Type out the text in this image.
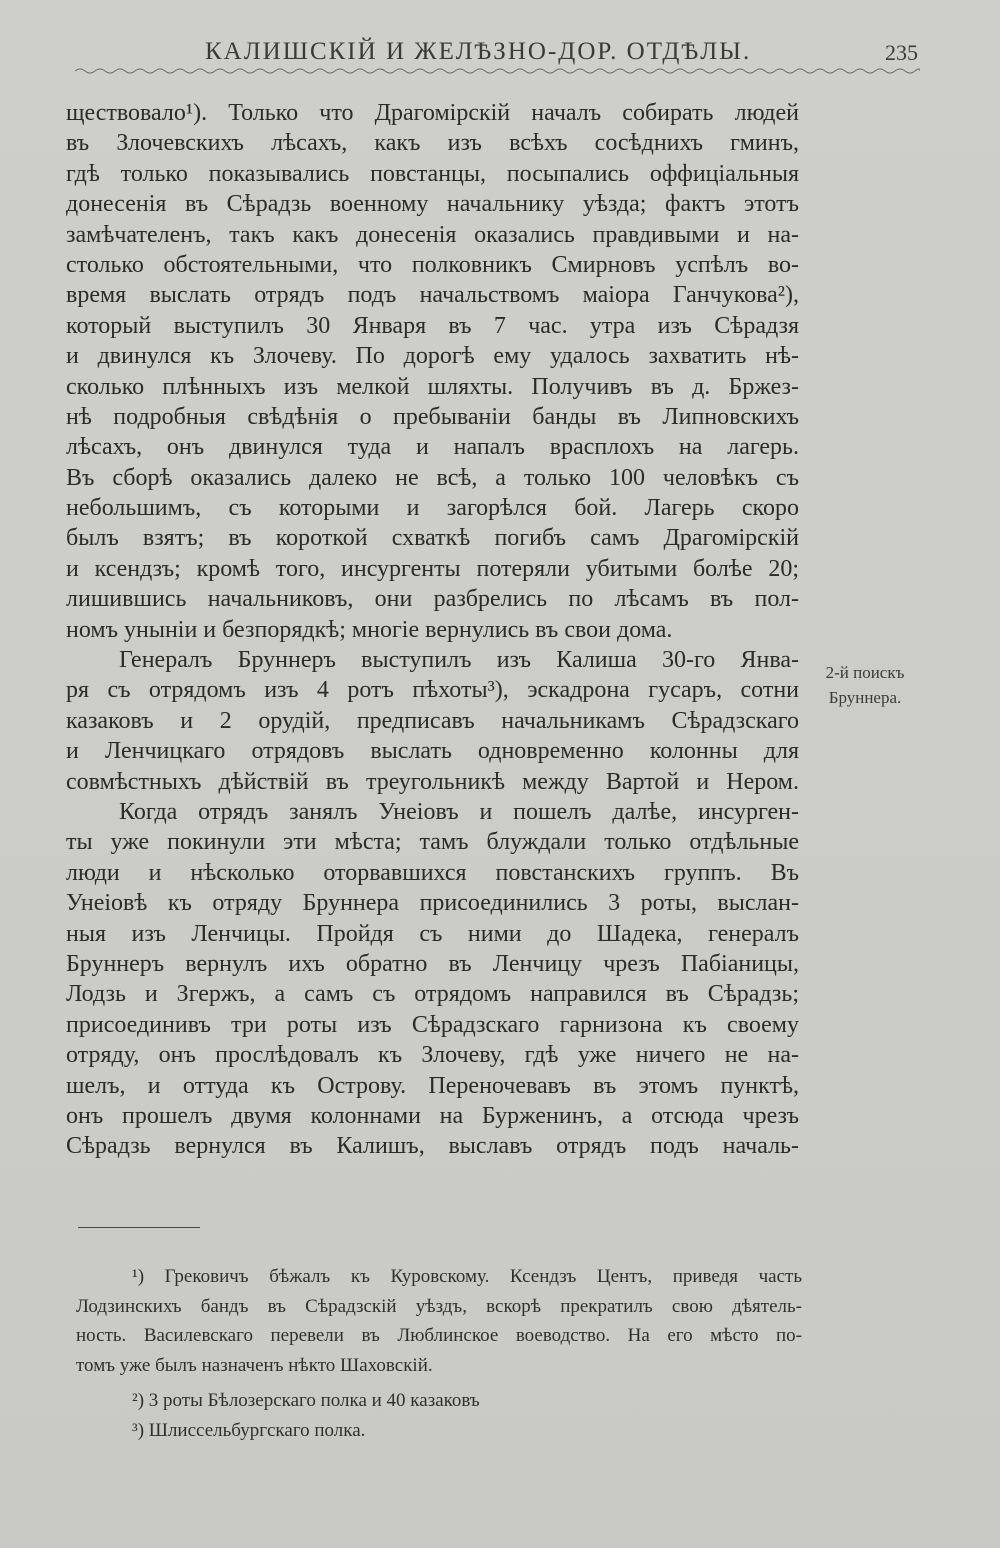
КАЛИШСКІЙ И ЖЕЛѢЗНО-ДОР. ОТДѢЛЫ.	235
ществовало¹). Только что Драгомірскій началъ собирать людей
въ Злочевскихъ лѣсахъ, какъ изъ всѣхъ сосѣднихъ гминъ,
гдѣ только показывались повстанцы, посыпались оффиціальныя
донесенія въ Сѣрадзь военному начальнику уѣзда; фактъ этотъ
замѣчателенъ, такъ какъ донесенія оказались правдивыми и на-
столько обстоятельными, что полковникъ Смирновъ успѣлъ во-
время выслать отрядъ подъ начальствомъ маіора Ганчукова²),
который выступилъ 30 Января въ 7 час. утра изъ Сѣрадзя
и двинулся къ Злочеву. По дорогѣ ему удалось захватить нѣ-
сколько плѣнныхъ изъ мелкой шляхты. Получивъ въ д. Бржез-
нѣ подробныя свѣдѣнія о пребываніи банды въ Липновскихъ
лѣсахъ, онъ двинулся туда и напалъ врасплохъ на лагерь.
Въ сборѣ оказались далеко не всѣ, а только 100 человѣкъ съ
небольшимъ, съ которыми и загорѣлся бой. Лагерь скоро
былъ взятъ; въ короткой схваткѣ погибъ самъ Драгомірскій
и ксендзъ; кромѣ того, инсургенты потеряли убитыми болѣе 20;
лишившись начальниковъ, они разбрелись по лѣсамъ въ пол-
номъ уныніи и безпорядкѣ; многіе вернулись въ свои дома.
Генералъ Бруннеръ выступилъ изъ Калиша 30-го Янва-
ря съ отрядомъ изъ 4 ротъ пѣхоты³), эскадрона гусаръ, сотни
казаковъ и 2 орудій, предписавъ начальникамъ Сѣрадзскаго
и Ленчицкаго отрядовъ выслать одновременно колонны для
совмѣстныхъ дѣйствій въ треугольникѣ между Вартой и Нером.
Когда отрядъ занялъ Унеіовъ и пошелъ далѣе, инсурген-
ты уже покинули эти мѣста; тамъ блуждали только отдѣльные
люди и нѣсколько оторвавшихся повстанскихъ группъ. Въ
Унеіовѣ къ отряду Бруннера присоединились 3 роты, выслан-
ныя изъ Ленчицы. Пройдя съ ними до Шадека, генералъ
Бруннеръ вернулъ ихъ обратно въ Ленчицу чрезъ Пабіаницы,
Лодзь и Згержъ, а самъ съ отрядомъ направился въ Сѣрадзь;
присоединивъ три роты изъ Сѣрадзскаго гарнизона къ своему
отряду, онъ прослѣдовалъ къ Злочеву, гдѣ уже ничего не на-
шелъ, и оттуда къ Острову. Переночевавъ въ этомъ пунктѣ,
онъ прошелъ двумя колоннами на Бурженинъ, а отсюда чрезъ
Сѣрадзь вернулся въ Калишъ, выславъ отрядъ подъ началь-
2-й поискъ
Бруннера.
¹) Грековичъ бѣжалъ къ Куровскому. Ксендзъ Центъ, приведя часть
Лодзинскихъ бандъ въ Сѣрадзскій уѣздъ, вскорѣ прекратилъ свою дѣятель-
ность. Василевскаго перевели въ Люблинское воеводство. На его мѣсто по-
томъ уже былъ назначенъ нѣкто Шаховскій.
²) 3 роты Бѣлозерскаго полка и 40 казаковъ
³) Шлиссельбургскаго полка.
